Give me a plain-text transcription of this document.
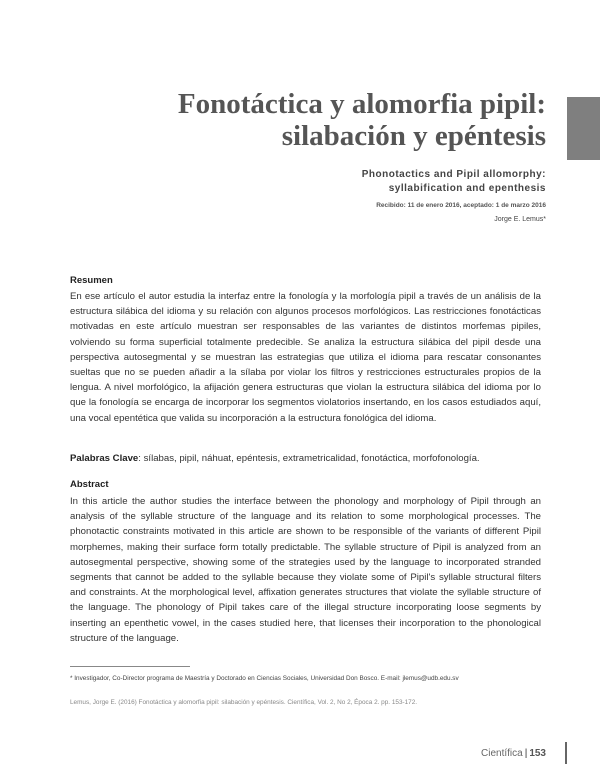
Fonotáctica y alomorfia pipil:
silabación y epéntesis

Phonotactics and Pipil allomorphy:
syllabification and epenthesis

Recibido: 11 de enero 2016, aceptado: 1 de marzo 2016
Jorge E. Lemus*
Resumen

En ese artículo el autor estudia la interfaz entre la fonología y la morfología pipil a través de un análisis de la estructura silábica del idioma y su relación con algunos procesos morfológicos. Las restricciones fonotácticas motivadas en este artículo muestran ser responsables de las variantes de distintos morfemas pipiles, volviendo su forma superficial totalmente predecible. Se analiza la estructura silábica del pipil desde una perspectiva autosegmental y se muestran las estrategias que utiliza el idioma para rescatar consonantes sueltas que no se pueden añadir a la sílaba por violar los filtros y restricciones estructurales propios de la lengua. A nivel morfológico, la afijación genera estructuras que violan la estructura silábica del idioma por lo que la fonología se encarga de incorporar los segmentos violatorios insertando, en los casos estudiados aquí, una vocal epentética que valida su incorporación a la estructura fonológica del idioma.

Palabras Clave: sílabas, pipil, náhuat, epéntesis, extrametricalidad, fonotáctica, morfofonología.
Abstract

In this article the author studies the interface between the phonology and morphology of Pipil through an analysis of the syllable structure of the language and its relation to some morphological processes. The phonotactic constraints motivated in this article are shown to be responsible of the variants of different Pipil morphemes, making their surface form totally predictable. The syllable structure of Pipil is analyzed from an autosegmental perspective, showing some of the strategies used by the language to incorporated stranded segments that cannot be added to the syllable because they violate some of Pipil's syllable structural filters and constraints. At the morphological level, affixation generates structures that violate the syllable structure of the language. The phonology of Pipil takes care of the illegal structure incorporating loose segments by inserting an epenthetic vowel, in the cases studied here, that licenses their incorporation to the phonological structure of the language.

* Investigador, Co-Director programa de Maestría y Doctorado en Ciencias Sociales, Universidad Don Bosco. E-mail: jlemus@udb.edu.sv
Lemus, Jorge E. (2016) Fonotáctica y alomorfia pipil: silabación y epéntesis. Científica, Vol. 2, No 2, Época 2. pp. 153-172.
Científica | 153
